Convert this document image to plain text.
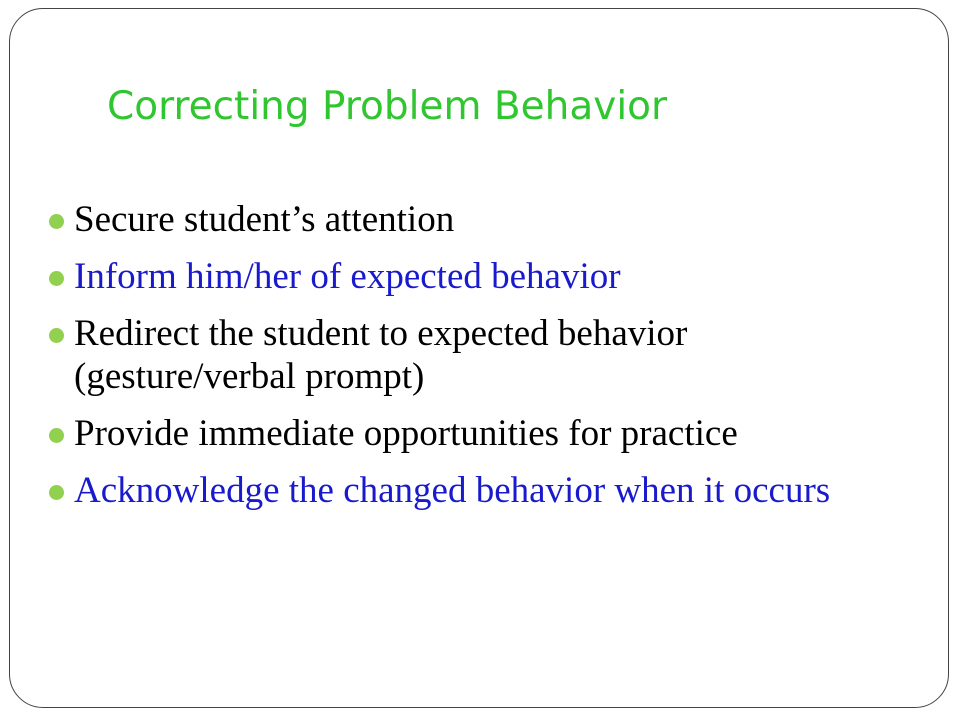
Correcting Problem Behavior
Secure student’s attention
Inform him/her of expected behavior
Redirect the student to expected behavior (gesture/verbal prompt)
Provide immediate opportunities for practice
Acknowledge the changed behavior when it occurs
